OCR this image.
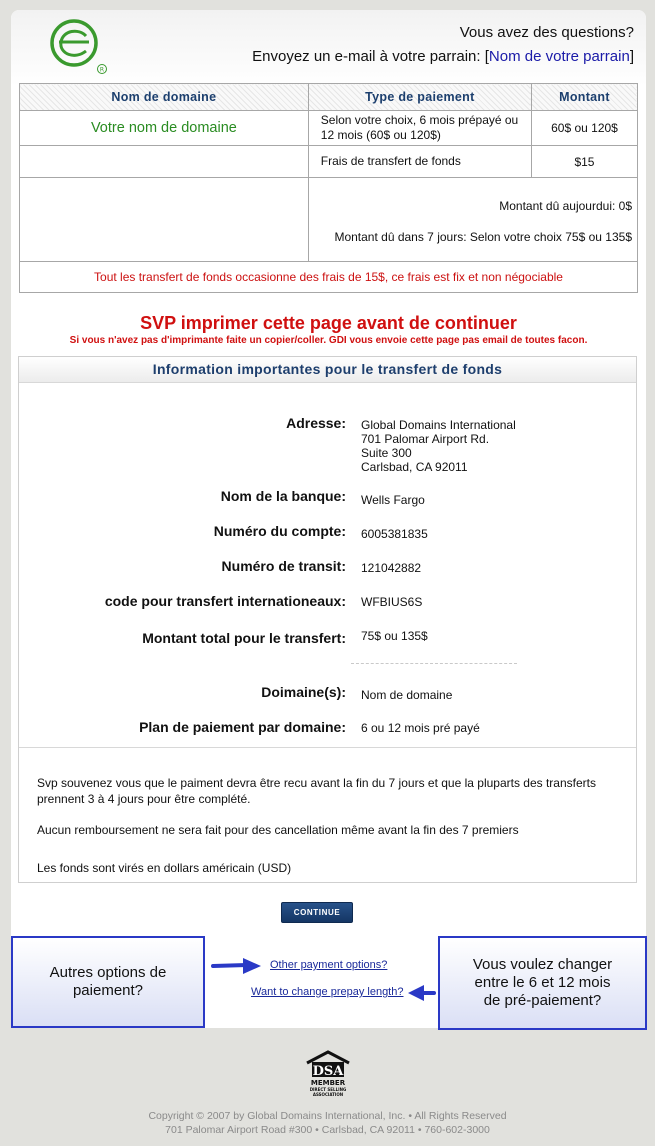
R
Vous avez des questions?
Envoyez un e-mail à votre parrain: [Nom de votre parrain]
Nom de domaine	Type de paiement	Montant
Votre nom de domaine	Selon votre choix, 6 mois prépayé ou 12 mois (60$ ou 120$)	60$ ou 120$
	Frais de transfert de fonds	$15

	Montant dû aujourdui: 0$
Montant dû dans 7 jours: Selon votre choix 75$ ou 135$	

Tout les transfert de fonds occasionne des frais de 15$, ce frais est fix et non négociable		
SVP imprimer cette page avant de continuer
Si vous n'avez pas d'imprimante faite un copier/coller. GDI vous envoie cette page pas email de toutes facon.
Information importantes pour le transfert de fonds
Adresse: Global Domains International
701 Palomar Airport Rd.
Suite 300
Carlsbad, CA 92011
Nom de la banque: Wells Fargo
Numéro du compte: 6005381835
Numéro de transit: 121042882
code pour transfert internationeaux: WFBIUS6S
Montant total pour le transfert: 75$ ou 135$
Doimaine(s): Nom de domaine
Plan de paiement par domaine: 6 ou 12 mois pré payé
Svp souvenez vous que le paiment devra être recu avant la fin du 7 jours et que la pluparts des transferts prennent 3 à 4 jours pour être complété.
Aucun remboursement ne sera fait pour des cancellation même avant la fin des 7 premiers
Les fonds sont virés en dollars américain (USD)
CONTINUE
Autres options de paiement?
Vous voulez changer entre le 6 et 12 mois de pré-paiement?
Other payment options?
Want to change prepay length?
DSA
MEMBER
DIRECT SELLING ASSOCIATION
Copyright © 2007 by Global Domains International, Inc. • All Rights Reserved
701 Palomar Airport Road #300 • Carlsbad, CA 92011 • 760-602-3000
